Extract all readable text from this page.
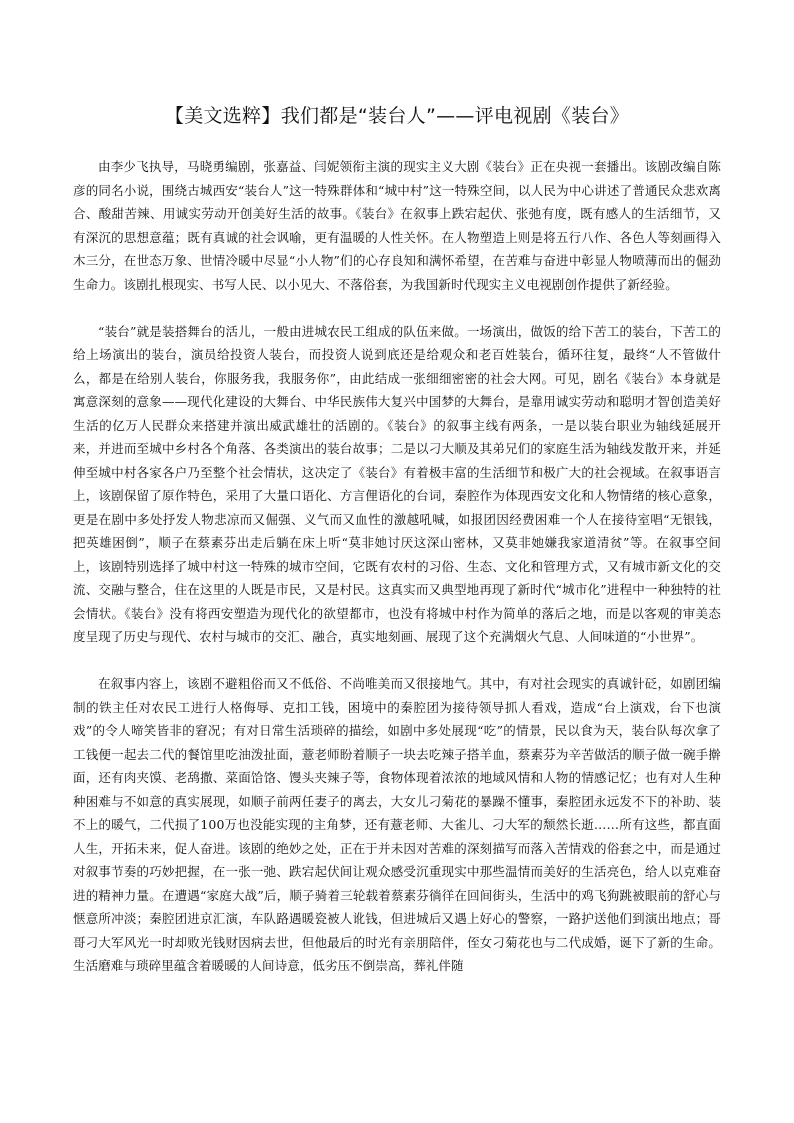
【美文选粹】我们都是“装台人”——评电视剧《装台》

由李少飞执导，马晓勇编剧，张嘉益、闫妮领衔主演的现实主义大剧《装台》正在央视一套播出。该剧改编自陈彦的同名小说，围绕古城西安“装台人”这一特殊群体和“城中村”这一特殊空间，以人民为中心讲述了普通民众悲欢离合、酸甜苦辣、用诚实劳动开创美好生活的故事。《装台》在叙事上跌宕起伏、张弛有度，既有感人的生活细节，又有深沉的思想意蕴；既有真诚的社会讽喻，更有温暖的人性关怀。在人物塑造上则是将五行八作、各色人等刻画得入木三分，在世态万象、世情冷暖中尽显“小人物”们的心存良知和满怀希望，在苦难与奋进中彰显人物喷薄而出的倔劲生命力。该剧扎根现实、书写人民、以小见大、不落俗套，为我国新时代现实主义电视剧创作提供了新经验。

“装台”就是装搭舞台的活儿，一般由进城农民工组成的队伍来做。一场演出，做饭的给下苦工的装台，下苦工的给上场演出的装台，演员给投资人装台，而投资人说到底还是给观众和老百姓装台，循环往复，最终“人不管做什么，都是在给别人装台，你服务我，我服务你”，由此结成一张细细密密的社会大网。可见，剧名《装台》本身就是寓意深刻的意象——现代化建设的大舞台、中华民族伟大复兴中国梦的大舞台，是靠用诚实劳动和聪明才智创造美好生活的亿万人民群众来搭建并演出威武雄壮的活剧的。《装台》的叙事主线有两条，一是以装台职业为轴线延展开来，并进而至城中乡村各个角落、各类演出的装台故事；二是以刁大顺及其弟兄们的家庭生活为轴线发散开来，并延伸至城中村各家各户乃至整个社会情状，这决定了《装台》有着极丰富的生活细节和极广大的社会视域。在叙事语言上，该剧保留了原作特色，采用了大量口语化、方言俚语化的台词，秦腔作为体现西安文化和人物情绪的核心意象，更是在剧中多处抒发人物悲凉而又倔强、义气而又血性的激越吼喊，如报团因经费困难一个人在接待室唱“无银钱，把英雄困倒”，顺子在蔡素芬出走后躺在床上听“莫非她讨厌这深山密林，又莫非她嫌我家道清贫”等。在叙事空间上，该剧特别选择了城中村这一特殊的城市空间，它既有农村的习俗、生态、文化和管理方式，又有城市新文化的交流、交融与整合，住在这里的人既是市民，又是村民。这真实而又典型地再现了新时代“城市化”进程中一种独特的社会情状。《装台》没有将西安塑造为现代化的欲望都市，也没有将城中村作为简单的落后之地，而是以客观的审美态度呈现了历史与现代、农村与城市的交汇、融合，真实地刻画、展现了这个充满烟火气息、人间味道的“小世界”。

在叙事内容上，该剧不避粗俗而又不低俗、不尚唯美而又很接地气。其中，有对社会现实的真诚针砭，如剧团编制的铁主任对农民工进行人格侮辱、克扣工钱，困境中的秦腔团为接待领导抓人看戏，造成“台上演戏，台下也演戏”的令人啼笑皆非的窘况；有对日常生活琐碎的描绘，如剧中多处展现“吃”的情景，民以食为天，装台队每次拿了工钱便一起去二代的餐馆里吃油泼扯面，薏老师盼着顺子一块去吃辣子搭羊血，蔡素芬为辛苦做活的顺子做一碗手擀面，还有肉夹馍、老鸹撒、菜面饸饹、馒头夹辣子等，食物体现着浓浓的地域风情和人物的情感记忆；也有对人生种种困难与不如意的真实展现，如顺子前两任妻子的离去，大女儿刁菊花的暴躁不懂事，秦腔团永远发不下的补助、装不上的暖气，二代损了100万也没能实现的主角梦，还有薏老师、大雀儿、刁大军的颓然长逝……所有这些，都直面人生，开拓未来，促人奋进。该剧的绝妙之处，正在于并未因对苦难的深刻描写而落入苦情戏的俗套之中，而是通过对叙事节奏的巧妙把握，在一张一弛、跌宕起伏间让观众感受沉重现实中那些温情而美好的生活亮色，给人以克难奋进的精神力量。在遭遇“家庭大战”后，顺子骑着三轮载着蔡素芬徜徉在回间街头，生活中的鸡飞狗跳被眼前的舒心与惬意所冲淡；秦腔团进京汇演，车队路遇暖瓷被人讹钱，但进城后又遇上好心的警察，一路护送他们到演出地点；哥哥刁大军风光一时却败光钱财因病去世，但他最后的时光有亲朋陪伴，侄女刁菊花也与二代成婚，诞下了新的生命。生活磨难与琐碎里蕴含着暖暖的人间诗意，低劣压不倒崇高，葬礼伴随
